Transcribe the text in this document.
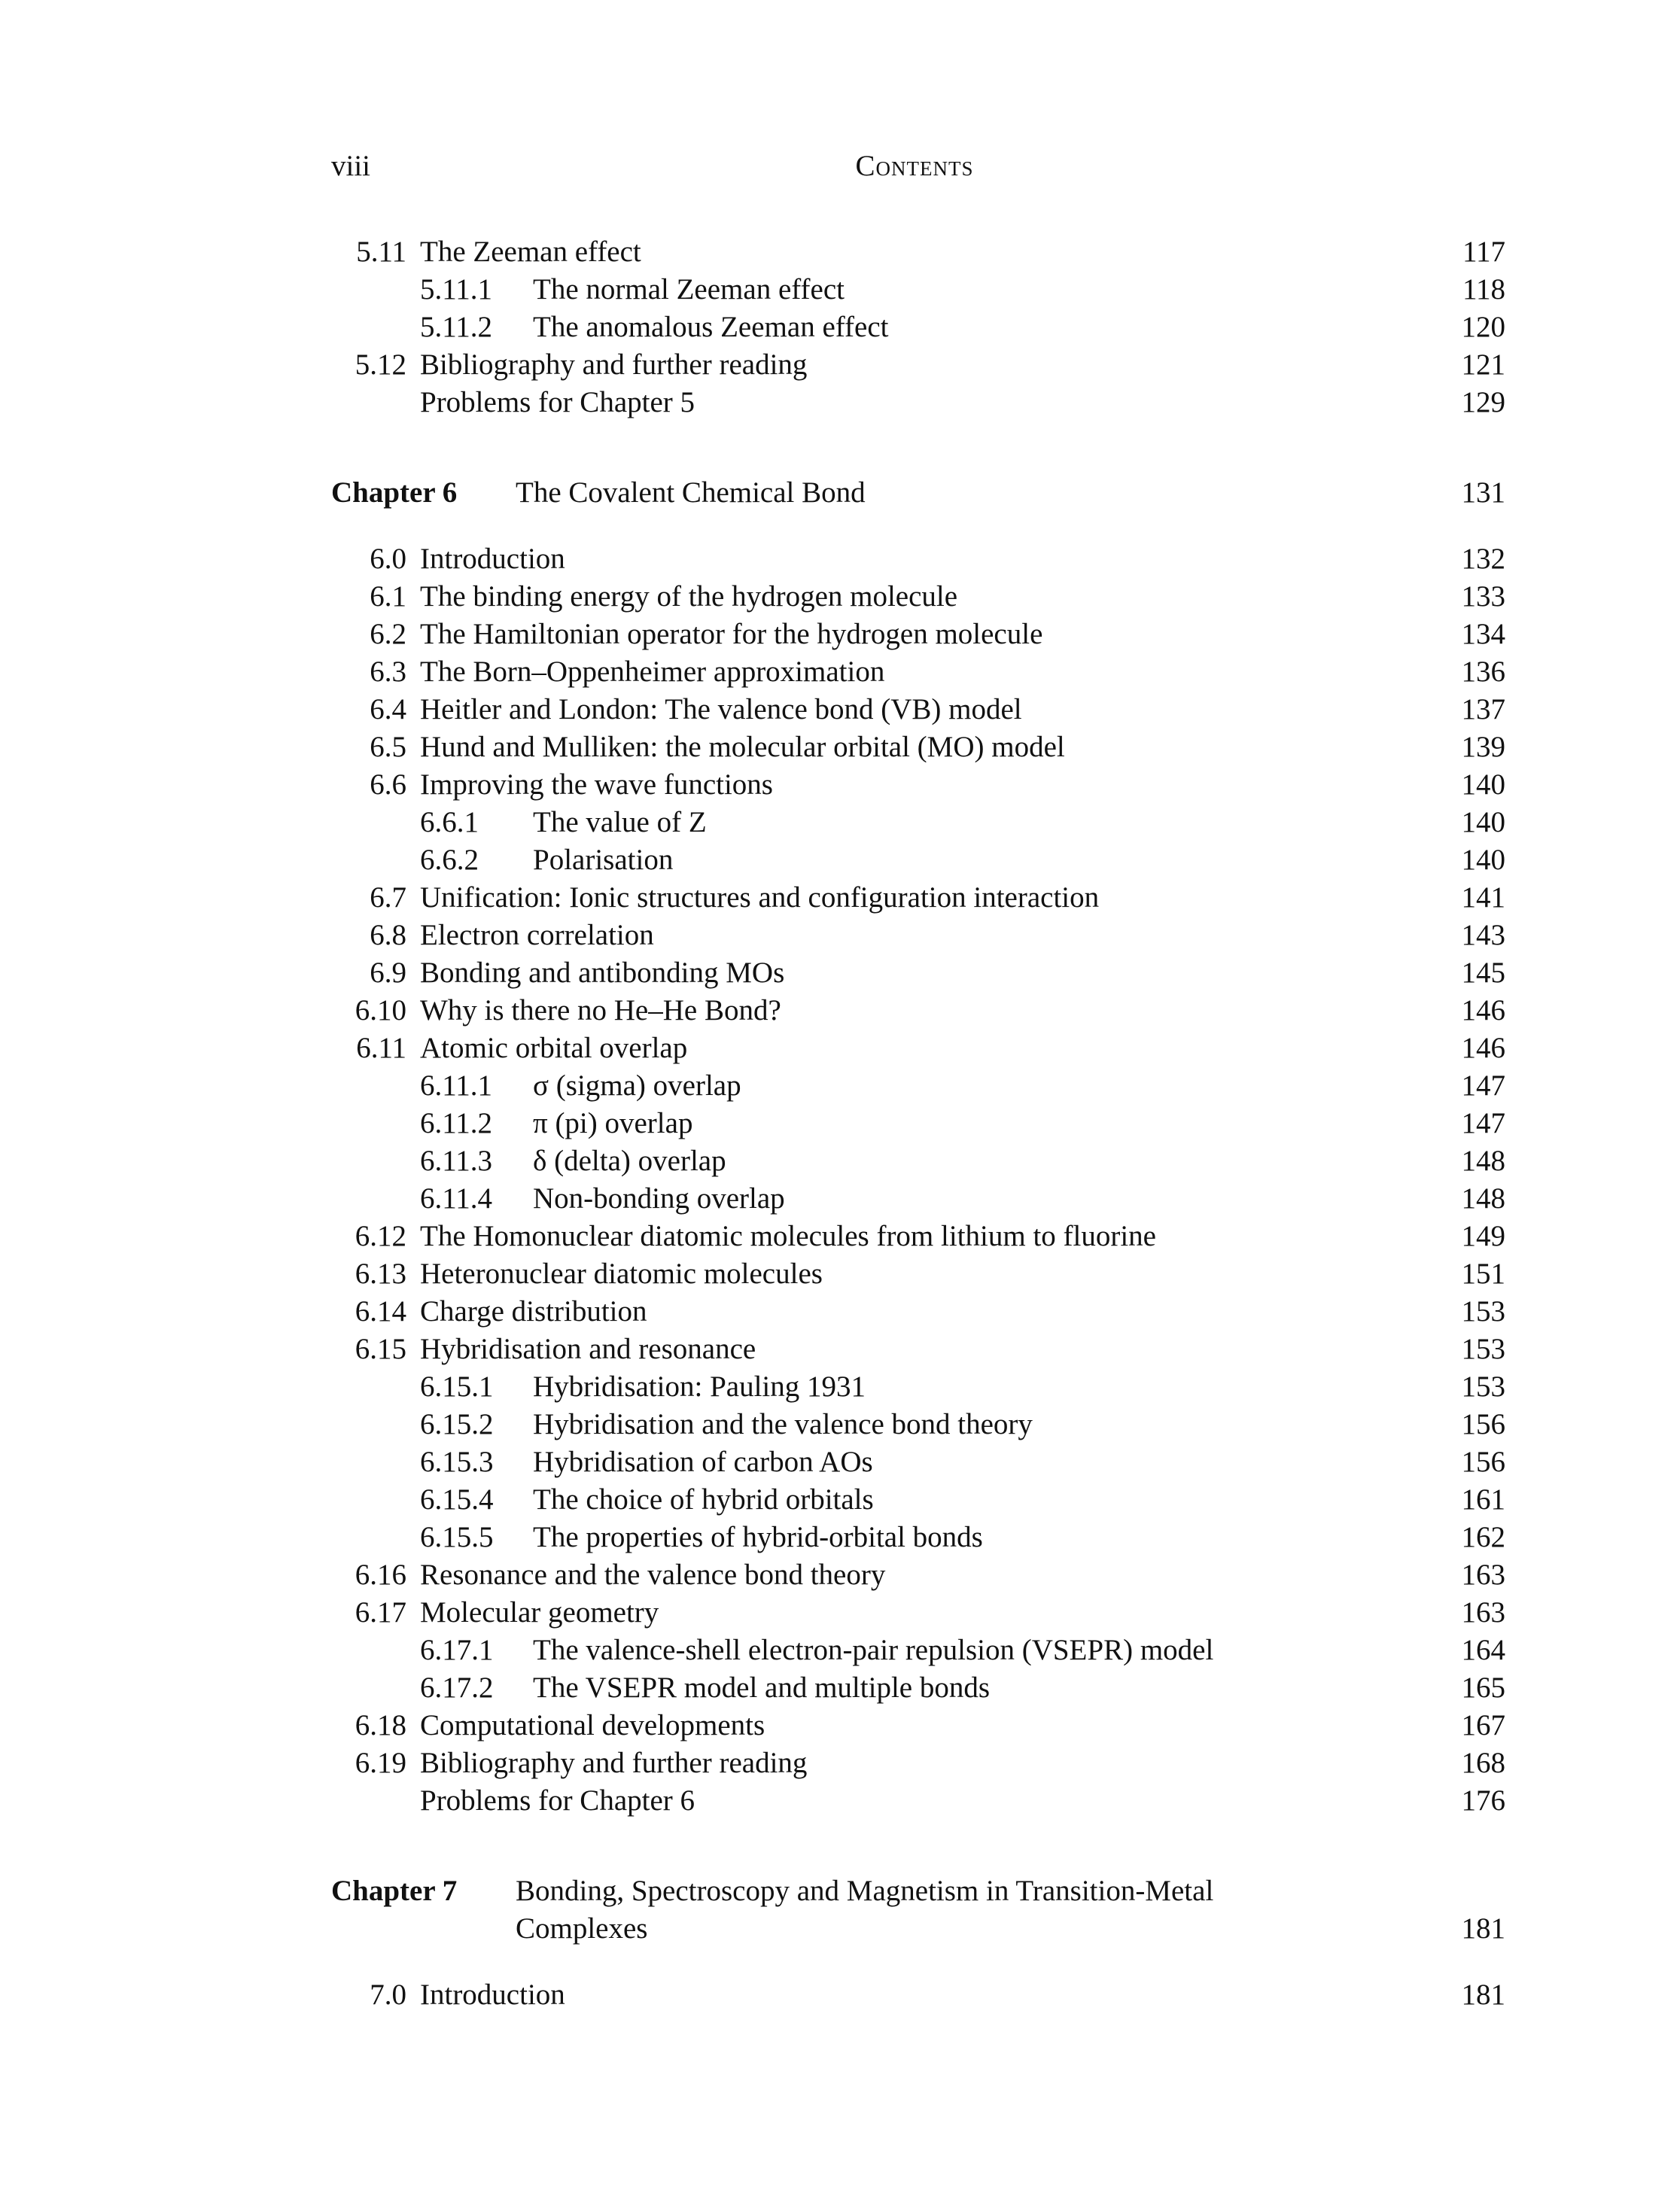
viii	Contents
5.11 The Zeeman effect . . .	117
5.11.1	The normal Zeeman effect . . .	118
5.11.2	The anomalous Zeeman effect . . .	120
5.12 Bibliography and further reading . . .	121
Problems for Chapter 5 . . .	129
Chapter 6 The Covalent Chemical Bond . . .	131
6.0 Introduction . . .	132
6.1 The binding energy of the hydrogen molecule . . .	133
6.2 The Hamiltonian operator for the hydrogen molecule . . .	134
6.3 The Born–Oppenheimer approximation . . .	136
6.4 Heitler and London: The valence bond (VB) model . . .	137
6.5 Hund and Mulliken: the molecular orbital (MO) model . . .	139
6.6 Improving the wave functions . . .	140
6.6.1	The value of Z . . .	140
6.6.2	Polarisation . . .	140
6.7 Unification: Ionic structures and configuration interaction . . .	141
6.8 Electron correlation . . .	143
6.9 Bonding and antibonding MOs . . .	145
6.10 Why is there no He–He Bond? . . .	146
6.11 Atomic orbital overlap . . .	146
6.11.1	σ (sigma) overlap . . .	147
6.11.2	π (pi) overlap . . .	147
6.11.3	δ (delta) overlap . . .	148
6.11.4	Non-bonding overlap . . .	148
6.12 The Homonuclear diatomic molecules from lithium to fluorine . . .	149
6.13 Heteronuclear diatomic molecules . . .	151
6.14 Charge distribution . . .	153
6.15 Hybridisation and resonance . . .	153
6.15.1	Hybridisation: Pauling 1931 . . .	153
6.15.2	Hybridisation and the valence bond theory . . .	156
6.15.3	Hybridisation of carbon AOs . . .	156
6.15.4	The choice of hybrid orbitals . . .	161
6.15.5	The properties of hybrid-orbital bonds . . .	162
6.16 Resonance and the valence bond theory . . .	163
6.17 Molecular geometry . . .	163
6.17.1	The valence-shell electron-pair repulsion (VSEPR) model . . .	164
6.17.2	The VSEPR model and multiple bonds . . .	165
6.18 Computational developments . . .	167
6.19 Bibliography and further reading . . .	168
Problems for Chapter 6 . . .	176
Chapter 7 Bonding, Spectroscopy and Magnetism in Transition-Metal
Complexes . . .	181
7.0 Introduction . . .	181
